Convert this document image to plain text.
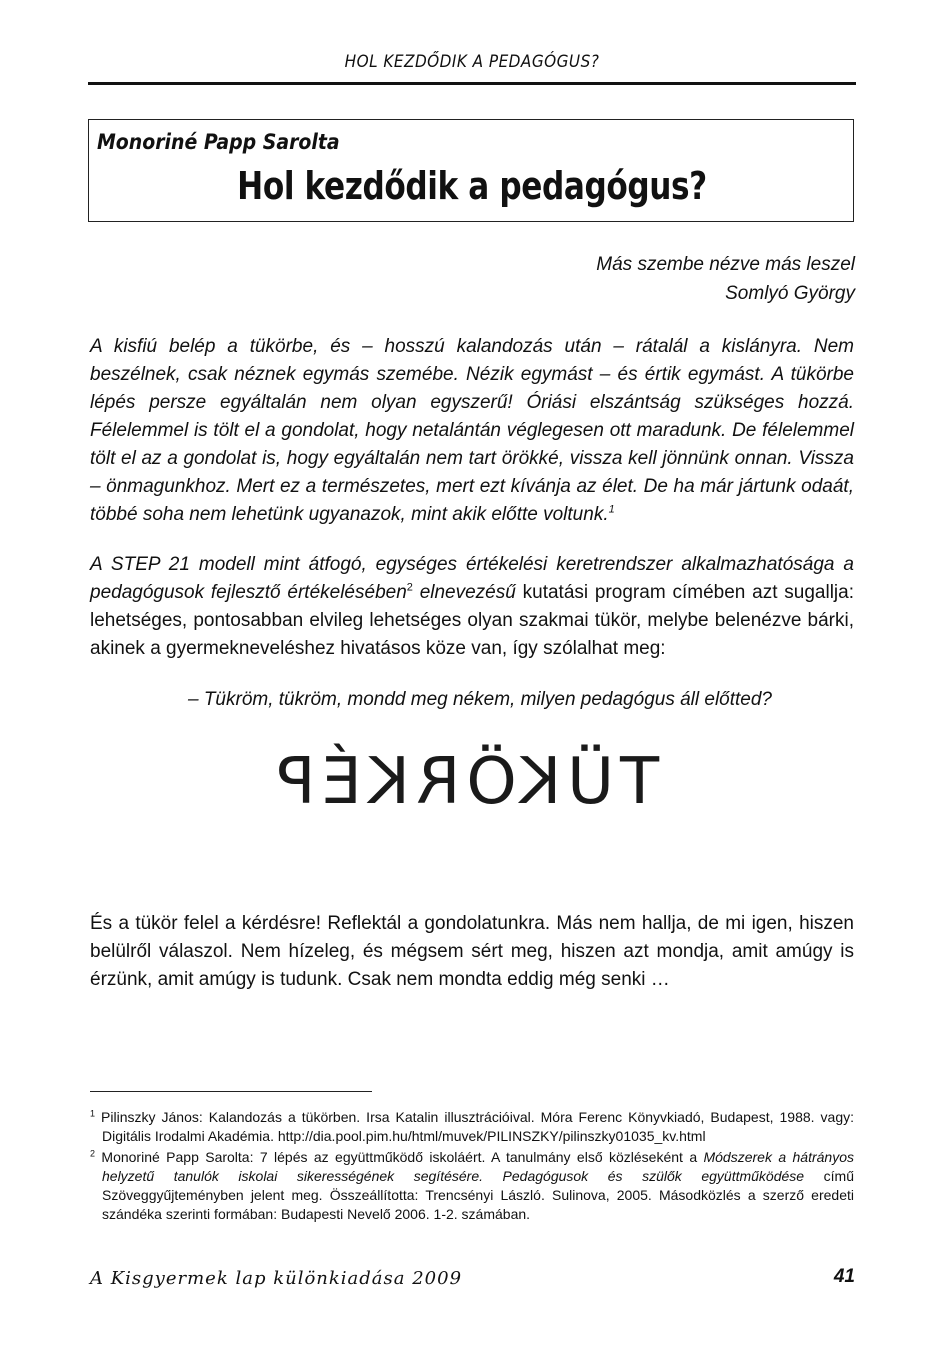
HOL KEZDŐDIK A PEDAGÓGUS?
Monoriné Papp Sarolta
Hol kezdődik a pedagógus?
Más szembe nézve más leszel
Somlyó György
A kisfiú belép a tükörbe, és – hosszú kalandozás után – rátalál a kislányra. Nem beszélnek, csak néznek egymás szemébe. Nézik egymást – és értik egymást. A tükörbe lépés persze egyáltalán nem olyan egyszerű! Óriási elszántság szükséges hozzá. Félelemmel is tölt el a gondolat, hogy netalántán véglegesen ott maradunk. De félelemmel tölt el az a gondolat is, hogy egyáltalán nem tart örökké, vissza kell jönnünk onnan. Vissza – önmagunkhoz. Mert ez a természetes, mert ezt kívánja az élet. De ha már jártunk odaát, többé soha nem lehetünk ugyanazok, mint akik előtte voltunk.$^1$
A STEP 21 modell mint átfogó, egységes értékelési keretrendszer alkalmazhatósága a pedagógusok fejlesztő értékelésében$^2$ elnevezésű kutatási program címében azt sugallja: lehetséges, pontosabban elvileg lehetséges olyan szakmai tükör, melybe belenézve bárki, akinek a gyermekneveléshez hivatásos köze van, így szólalhat meg:
– Tükröm, tükröm, mondd meg nékem, milyen pedagógus áll előtted?
TÜKÖRKÉP
És a tükör felel a kérdésre! Reflektál a gondolatunkra. Más nem hallja, de mi igen, hiszen belülről válaszol. Nem hízeleg, és mégsem sért meg, hiszen azt mondja, amit amúgy is érzünk, amit amúgy is tudunk. Csak nem mondta eddig még senki …
$^1$ Pilinszky János: Kalandozás a tükörben. Irsa Katalin illusztrációival. Móra Ferenc Könyvkiadó, Budapest, 1988. vagy: Digitális Irodalmi Akadémia. http://dia.pool.pim.hu/html/muvek/PILINSZKY/pilinszky01035_kv.html
$^2$ Monoriné Papp Sarolta: 7 lépés az együttműködő iskoláért. A tanulmány első közléseként a Módszerek a hátrányos helyzetű tanulók iskolai sikerességének segítésére. Pedagógusok és szülők együttműködése című Szöveggyűjteményben jelent meg. Összeállította: Trencsényi László. Sulinova, 2005. Másodközlés a szerző eredeti szándéka szerinti formában: Budapesti Nevelő 2006. 1-2. számában.
A Kisgyermek lap különkiadása 2009	41
